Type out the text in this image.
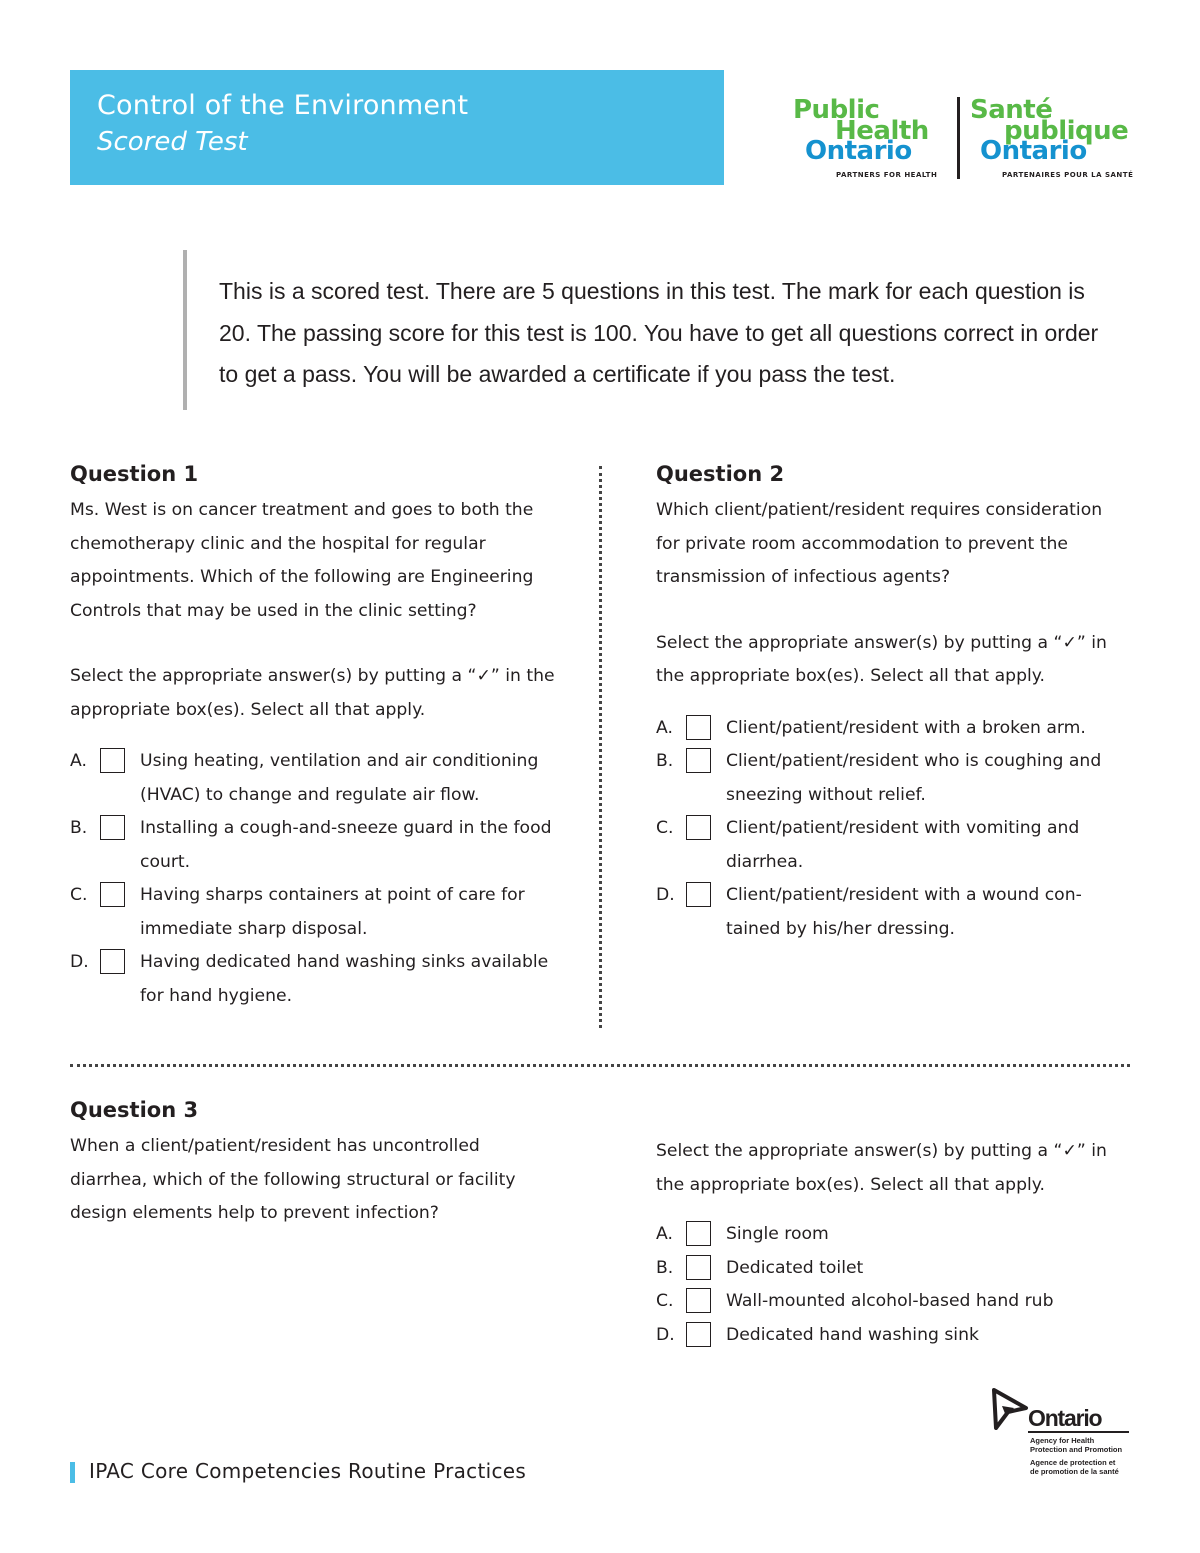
Control of the Environment
Scored Test
Public
Health
Ontario
PARTNERS FOR HEALTH
Santé
publique
Ontario
PARTENAIRES POUR LA SANTÉ
This is a scored test. There are 5 questions in this test. The mark for each question is 20. The passing score for this test is 100. You have to get all questions correct in order to get a pass. You will be awarded a certificate if you pass the test.
Question 1
Ms. West is on cancer treatment and goes to both the chemotherapy clinic and the hospital for regular appointments. Which of the following are Engineering Controls that may be used in the clinic setting?
Select the appropriate answer(s) by putting a “✓” in the appropriate box(es). Select all that apply.
A.	Using heating, ventilation and air conditioning (HVAC) to change and regulate air flow.
B.	Installing a cough-and-sneeze guard in the food court.
C.	Having sharps containers at point of care for immediate sharp disposal.
D.	Having dedicated hand washing sinks available for hand hygiene.
Question 2
Which client/patient/resident requires consideration for private room accommodation to prevent the transmission of infectious agents?
Select the appropriate answer(s) by putting a “✓” in the appropriate box(es). Select all that apply.
A.	Client/patient/resident with a broken arm.
B.	Client/patient/resident who is coughing and sneezing without relief.
C.	Client/patient/resident with vomiting and diarrhea.
D.	Client/patient/resident with a wound con-tained by his/her dressing.
Question 3
When a client/patient/resident has uncontrolled diarrhea, which of the following structural or facility design elements help to prevent infection?
Select the appropriate answer(s) by putting a “✓” in the appropriate box(es). Select all that apply.
A.	Single room
B.	Dedicated toilet
C.	Wall-mounted alcohol-based hand rub
D.	Dedicated hand washing sink
Ontario
Agency for Health
Protection and Promotion
Agence de protection et
de promotion de la santé
IPAC Core Competencies Routine Practices
